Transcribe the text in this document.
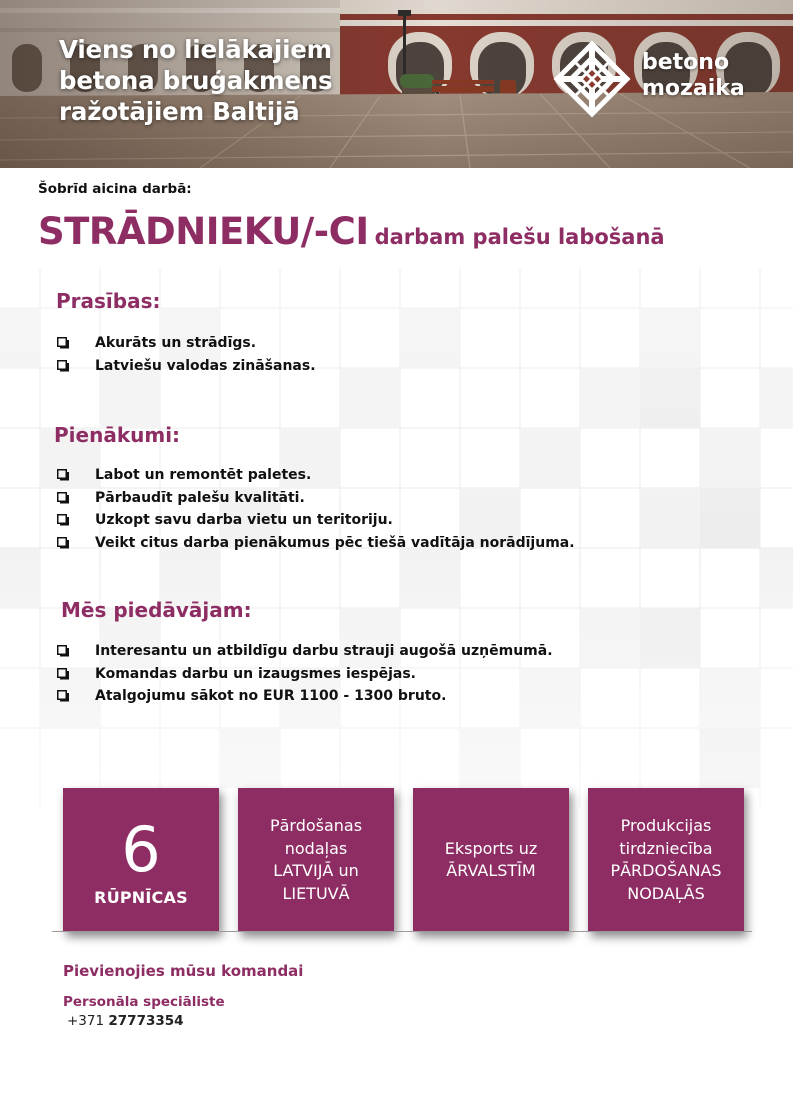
Viens no lielākajiem
betona bruģakmens
ražotājiem Baltijā
betono
mozaika
Šobrīd aicina darbā:
STRĀDNIEKU/-CI darbam palešu labošanā
Prasības:
Akurāts un strādīgs.
Latviešu valodas zināšanas.
Pienākumi:
Labot un remontēt paletes.
Pārbaudīt palešu kvalitāti.
Uzkopt savu darba vietu un teritoriju.
Veikt citus darba pienākumus pēc tiešā vadītāja norādījuma.
Mēs piedāvājam:
Interesantu un atbildīgu darbu strauji augošā uzņēmumā.
Komandas darbu un izaugsmes iespējas.
Atalgojumu sākot no EUR 1100 - 1300 bruto.
6
RŪPNĪCAS
Pārdošanas
nodaļas
LATVIJĀ un
LIETUVĀ
Eksports uz
ĀRVALSTĪM
Produkcijas
tirdzniecība
PĀRDOŠANAS
NODAĻĀS
Pievienojies mūsu komandai
Personāla speciāliste
+371 27773354
